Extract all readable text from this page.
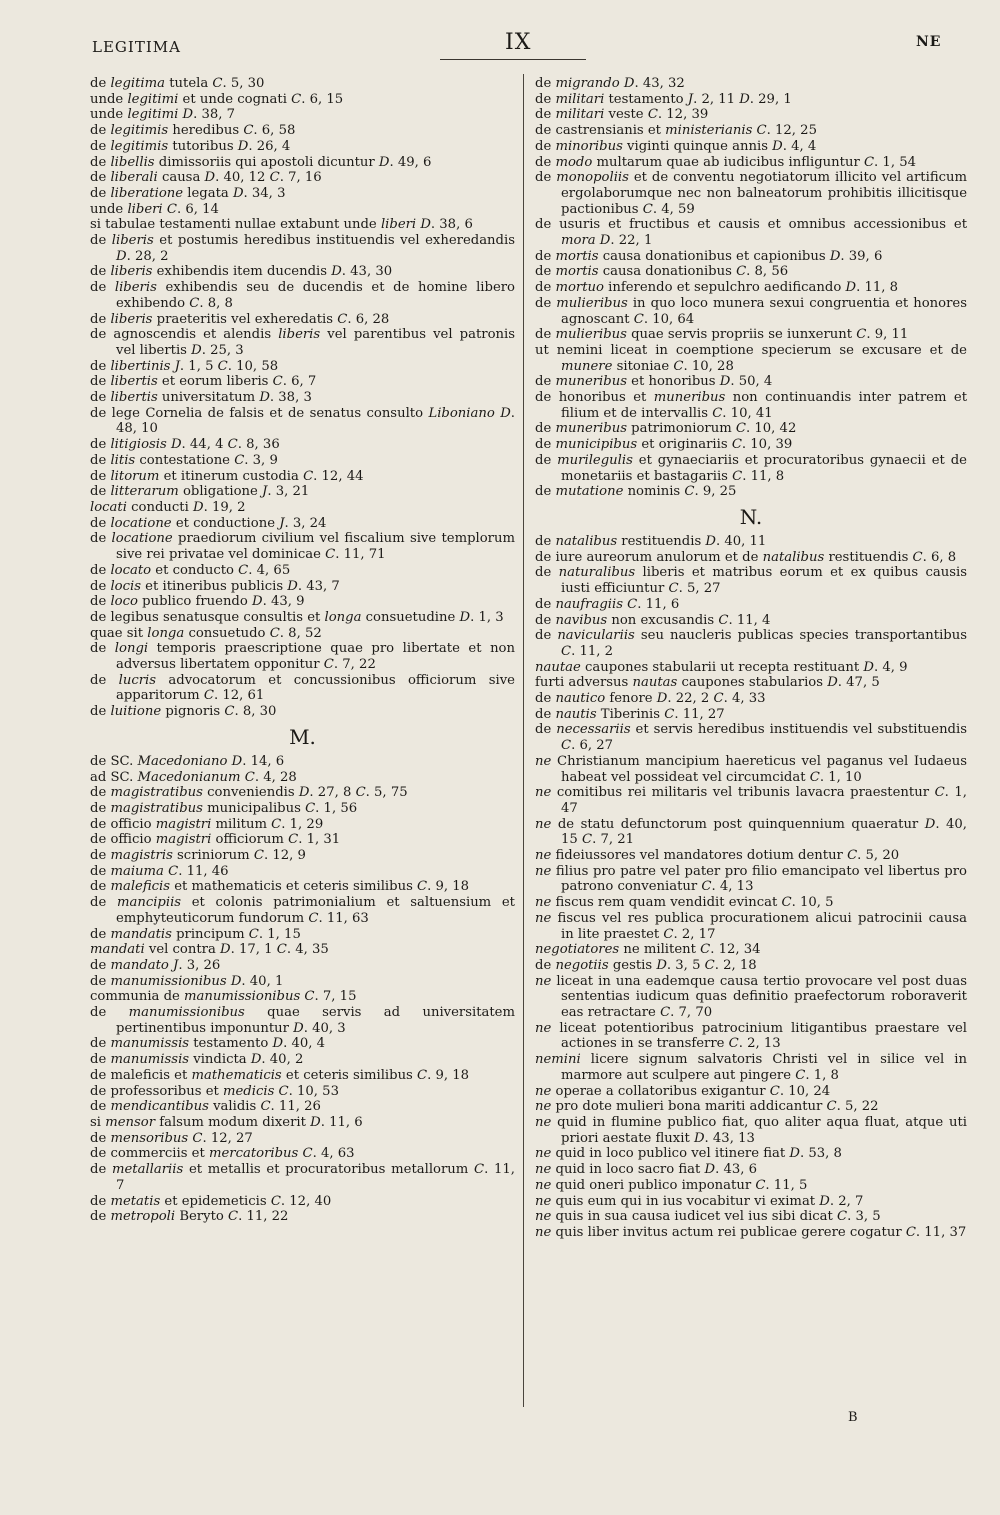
LEGITIMA	IX	NE
de legitima tutela C. 5, 30
unde legitimi et unde cognati C. 6, 15
unde legitimi D. 38, 7
de legitimis heredibus C. 6, 58
de legitimis tutoribus D. 26, 4
de libellis dimissoriis qui apostoli dicuntur D. 49, 6
de liberali causa D. 40, 12 C. 7, 16
de liberatione legata D. 34, 3
unde liberi C. 6, 14
si tabulae testamenti nullae extabunt unde liberi D. 38, 6
de liberis et postumis heredibus instituendis vel exheredandis D. 28, 2
de liberis exhibendis item ducendis D. 43, 30
de liberis exhibendis seu de ducendis et de homine libero exhibendo C. 8, 8
de liberis praeteritis vel exheredatis C. 6, 28
de agnoscendis et alendis liberis vel parentibus vel patronis vel libertis D. 25, 3
de libertinis J. 1, 5 C. 10, 58
de libertis et eorum liberis C. 6, 7
de libertis universitatum D. 38, 3
de lege Cornelia de falsis et de senatus consulto Liboniano D. 48, 10
de litigiosis D. 44, 4 C. 8, 36
de litis contestatione C. 3, 9
de litorum et itinerum custodia C. 12, 44
de litterarum obligatione J. 3, 21
locati conducti D. 19, 2
de locatione et conductione J. 3, 24
de locatione praediorum civilium vel fiscalium sive templorum sive rei privatae vel dominicae C. 11, 71
de locato et conducto C. 4, 65
de locis et itineribus publicis D. 43, 7
de loco publico fruendo D. 43, 9
de legibus senatusque consultis et longa consuetudine D. 1, 3
quae sit longa consuetudo C. 8, 52
de longi temporis praescriptione quae pro libertate et non adversus libertatem opponitur C. 7, 22
de lucris advocatorum et concussionibus officiorum sive apparitorum C. 12, 61
de luitione pignoris C. 8, 30
M.
de SC. Macedoniano D. 14, 6
ad SC. Macedonianum C. 4, 28
de magistratibus conveniendis D. 27, 8 C. 5, 75
de magistratibus municipalibus C. 1, 56
de officio magistri militum C. 1, 29
de officio magistri officiorum C. 1, 31
de magistris scriniorum C. 12, 9
de maiuma C. 11, 46
de maleficis et mathematicis et ceteris similibus C. 9, 18
de mancipiis et colonis patrimonialium et saltuensium et emphyteuticorum fundorum C. 11, 63
de mandatis principum C. 1, 15
mandati vel contra D. 17, 1 C. 4, 35
de mandato J. 3, 26
de manumissionibus D. 40, 1
communia de manumissionibus C. 7, 15
de manumissionibus quae servis ad universitatem pertinentibus imponuntur D. 40, 3
de manumissis testamento D. 40, 4
de manumissis vindicta D. 40, 2
de maleficis et mathematicis et ceteris similibus C. 9, 18
de professoribus et medicis C. 10, 53
de mendicantibus validis C. 11, 26
si mensor falsum modum dixerit D. 11, 6
de mensoribus C. 12, 27
de commerciis et mercatoribus C. 4, 63
de metallariis et metallis et procuratoribus metallorum C. 11, 7
de metatis et epidemeticis C. 12, 40
de metropoli Beryto C. 11, 22
de migrando D. 43, 32
de militari testamento J. 2, 11 D. 29, 1
de militari veste C. 12, 39
de castrensianis et ministerianis C. 12, 25
de minoribus viginti quinque annis D. 4, 4
de modo multarum quae ab iudicibus infliguntur C. 1, 54
de monopoliis et de conventu negotiatorum illicito vel artificum ergolaborumque nec non balneatorum prohibitis illicitisque pactionibus C. 4, 59
de usuris et fructibus et causis et omnibus accessionibus et mora D. 22, 1
de mortis causa donationibus et capionibus D. 39, 6
de mortis causa donationibus C. 8, 56
de mortuo inferendo et sepulchro aedificando D. 11, 8
de mulieribus in quo loco munera sexui congruentia et honores agnoscant C. 10, 64
de mulieribus quae servis propriis se iunxerunt C. 9, 11
ut nemini liceat in coemptione specierum se excusare et de munere sitoniae C. 10, 28
de muneribus et honoribus D. 50, 4
de honoribus et muneribus non continuandis inter patrem et filium et de intervallis C. 10, 41
de muneribus patrimoniorum C. 10, 42
de municipibus et originariis C. 10, 39
de murilegulis et gynaeciariis et procuratoribus gynaecii et de monetariis et bastagariis C. 11, 8
de mutatione nominis C. 9, 25
N.
de natalibus restituendis D. 40, 11
de iure aureorum anulorum et de natalibus restituendis C. 6, 8
de naturalibus liberis et matribus eorum et ex quibus causis iusti efficiuntur C. 5, 27
de naufragiis C. 11, 6
de navibus non excusandis C. 11, 4
de naviculariis seu naucleris publicas species transportantibus C. 11, 2
nautae caupones stabularii ut recepta restituant D. 4, 9
furti adversus nautas caupones stabularios D. 47, 5
de nautico fenore D. 22, 2 C. 4, 33
de nautis Tiberinis C. 11, 27
de necessariis et servis heredibus instituendis vel substituendis C. 6, 27
ne Christianum mancipium haereticus vel paganus vel Iudaeus habeat vel possideat vel circumcidat C. 1, 10
ne comitibus rei militaris vel tribunis lavacra praestentur C. 1, 47
ne de statu defunctorum post quinquennium quaeratur D. 40, 15 C. 7, 21
ne fideiussores vel mandatores dotium dentur C. 5, 20
ne filius pro patre vel pater pro filio emancipato vel libertus pro patrono conveniatur C. 4, 13
ne fiscus rem quam vendidit evincat C. 10, 5
ne fiscus vel res publica procurationem alicui patrocinii causa in lite praestet C. 2, 17
negotiatores ne militent C. 12, 34
de negotiis gestis D. 3, 5 C. 2, 18
ne liceat in una eademque causa tertio provocare vel post duas sententias iudicum quas definitio praefectorum roboraverit eas retractare C. 7, 70
ne liceat potentioribus patrocinium litigantibus praestare vel actiones in se transferre C. 2, 13
nemini licere signum salvatoris Christi vel in silice vel in marmore aut sculpere aut pingere C. 1, 8
ne operae a collatoribus exigantur C. 10, 24
ne pro dote mulieri bona mariti addicantur C. 5, 22
ne quid in flumine publico fiat, quo aliter aqua fluat, atque uti priori aestate fluxit D. 43, 13
ne quid in loco publico vel itinere fiat D. 53, 8
ne quid in loco sacro fiat D. 43, 6
ne quid oneri publico imponatur C. 11, 5
ne quis eum qui in ius vocabitur vi eximat D. 2, 7
ne quis in sua causa iudicet vel ius sibi dicat C. 3, 5
ne quis liber invitus actum rei publicae gerere cogatur C. 11, 37
B
